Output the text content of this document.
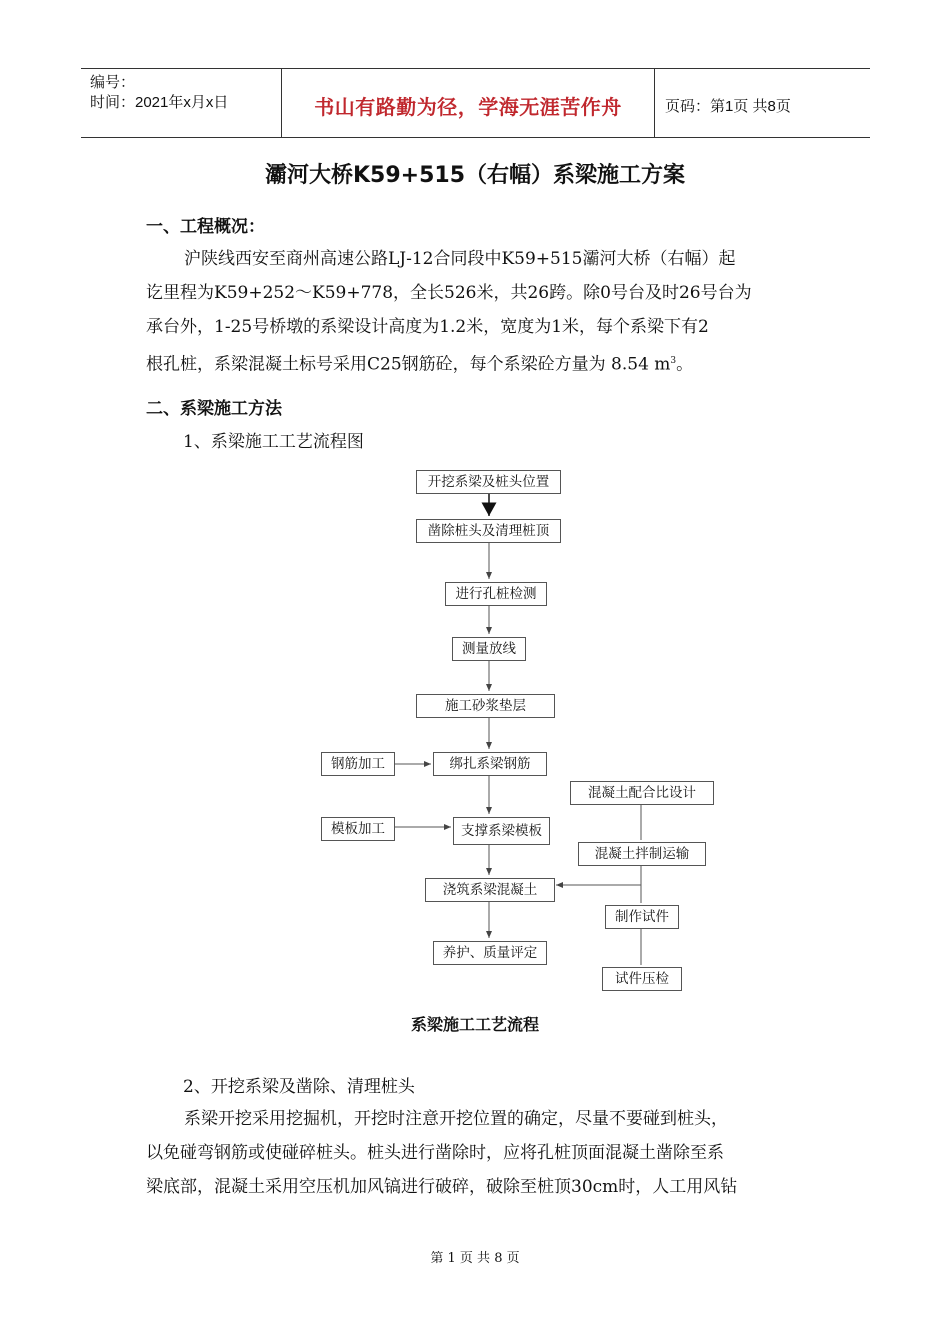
编号：
时间：2021年x月x日	书山有路勤为径，学海无涯苦作舟	页码：第1页 共8页
灞河大桥K59+515（右幅）系梁施工方案
一、工程概况：
沪陕线西安至商州高速公路LJ-12合同段中K59+515灞河大桥（右幅）起
讫里程为K59+252～K59+778，全长526米，共26跨。除0号台及时26号台为
承台外，1-25号桥墩的系梁设计高度为1.2米，宽度为1米，每个系梁下有2
根孔桩，系梁混凝土标号采用C25钢筋砼，每个系梁砼方量为 8.54 $m^3$。
二、系梁施工方法
1、系梁施工工艺流程图
开挖系梁及桩头位置
凿除桩头及清理桩顶
进行孔桩检测
测量放线
施工砂浆垫层
绑扎系梁钢筋
支撑系梁模板
浇筑系梁混凝土
养护、质量评定
钢筋加工
模板加工
混凝土配合比设计
混凝土拌制运输
制作试件
试件压检
系梁施工工艺流程
2、开挖系梁及凿除、清理桩头
系梁开挖采用挖掘机，开挖时注意开挖位置的确定，尽量不要碰到桩头，
以免碰弯钢筋或使碰碎桩头。桩头进行凿除时，应将孔桩顶面混凝土凿除至系
梁底部，混凝土采用空压机加风镐进行破碎，破除至桩顶30cm时，人工用风钻
第 1 页 共 8 页
